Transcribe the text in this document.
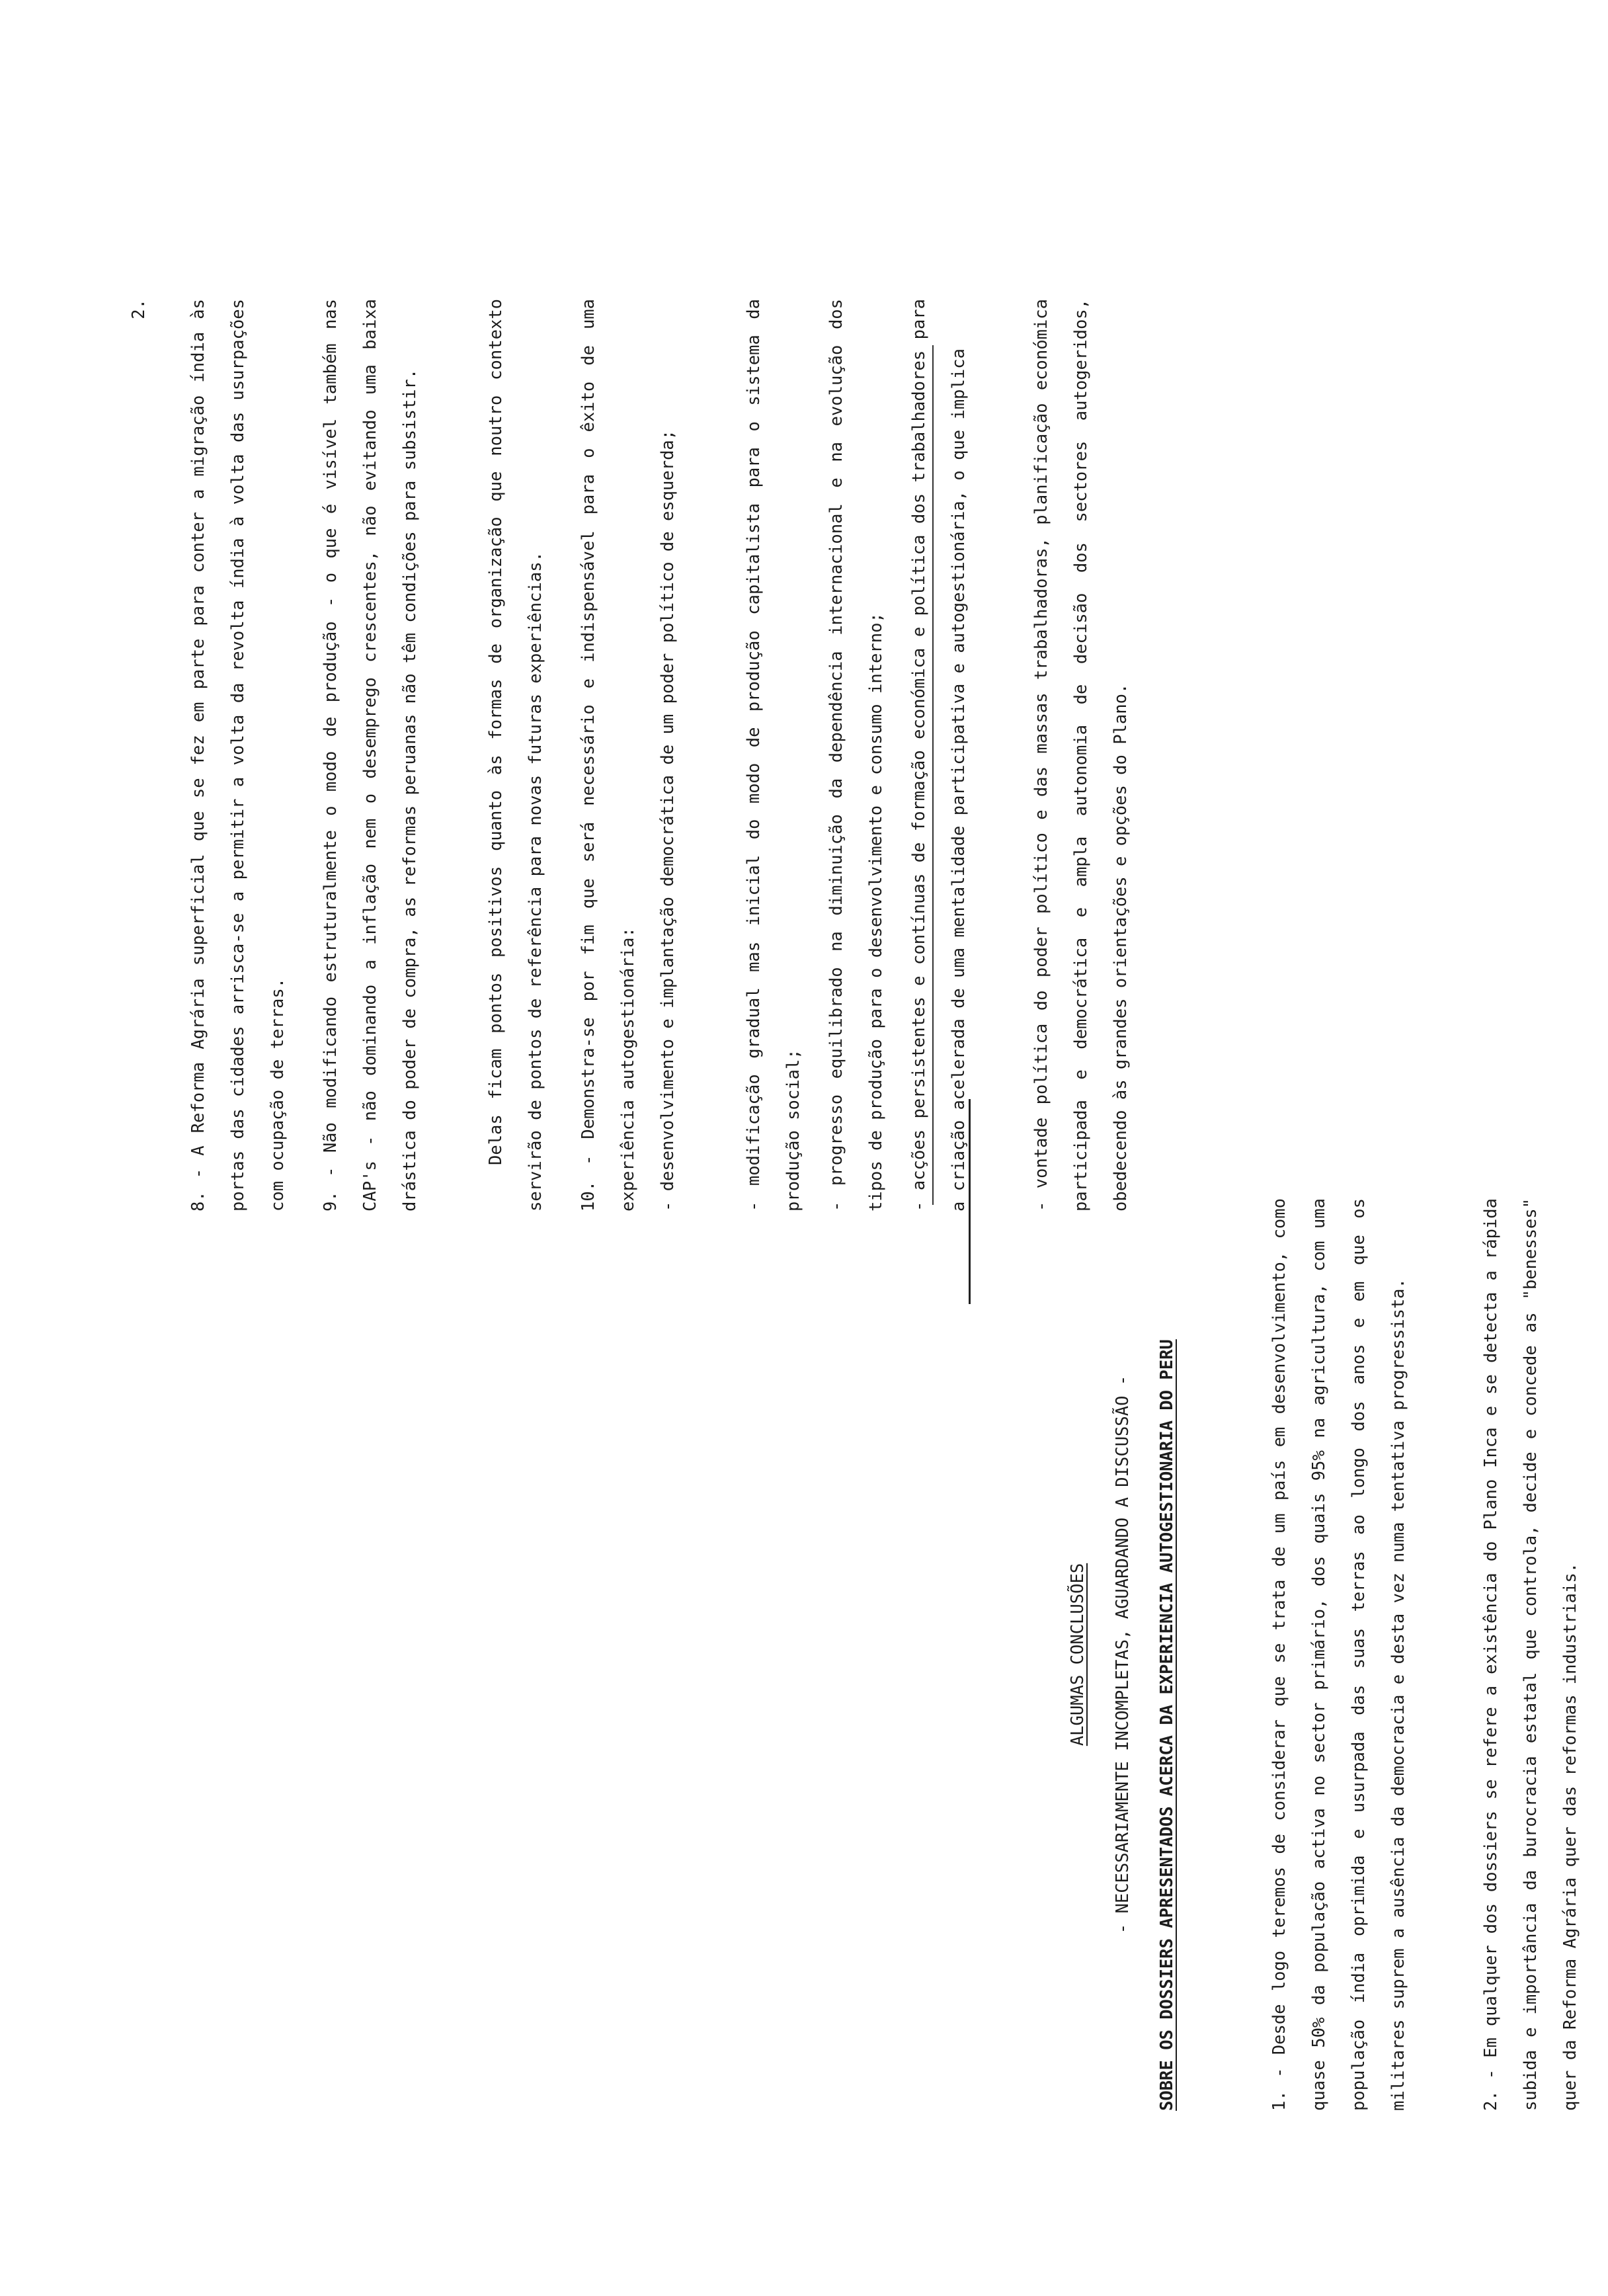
ALGUMAS CONCLUSÕES	- NECESSARIAMENTE INCOMPLETAS, AGUARDANDO A DISCUSSÃO -	SOBRE OS DOSSIERS APRESENTADOS ACERCA DA EXPERIENCIA AUTOGESTIONARIA DO PERU	1. - Desde logo teremos de considerar que se trata de um país em desenvolvimento, como quase 50% da população activa no sector primário, dos quais 95% na agricultura, com uma população índia oprimida e usurpada das suas terras ao longo dos anos e em que os militares suprem a ausência da democracia e desta vez numa tentativa progressista.	2. - Em qualquer dos dossiers se refere a existência do Plano Inca e se detecta a rápida subida e importância da burocracia estatal que controla, decide e concede as "benesses" quer da Reforma Agrária quer das reformas industriais.
2.	8. - A Reforma Agrária superficial que se fez em parte para conter a migração índia às portas das cidades arrisca-se a permitir a volta da revolta índia à volta das usurpações com ocupação de terras.	9. - Não modificando estruturalmente o modo de produção - o que é visível também nas CAP's - não dominando a inflação nem o desemprego crescentes, não evitando uma baixa drástica do poder de compra, as reformas peruanas não têm condições para subsistir.	Delas ficam pontos positivos quanto às formas de organização que noutro contexto servirão de pontos de referência para novas futuras experiências.	10. - Demonstra-se por fim que será necessário e indispensável para o êxito de uma experiência autogestionária:	- desenvolvimento e implantação democrática de um poder político de esquerda;	- modificação gradual mas inicial do modo de produção capitalista para o sistema da produção social;	- progresso equilibrado na diminuição da dependência internacional e na evolução dos tipos de produção para o desenvolvimento e consumo interno;	- acções persistentes e contínuas de formação económica e política dos trabalhadores para a criação acelerada de uma mentalidade participativa e autogestionária, o que implica	- vontade política do poder político e das massas trabalhadoras, planificação económica participada e democrática e ampla autonomia de decisão dos sectores autogeridos, obedecendo às grandes orientações e opções do Plano.
